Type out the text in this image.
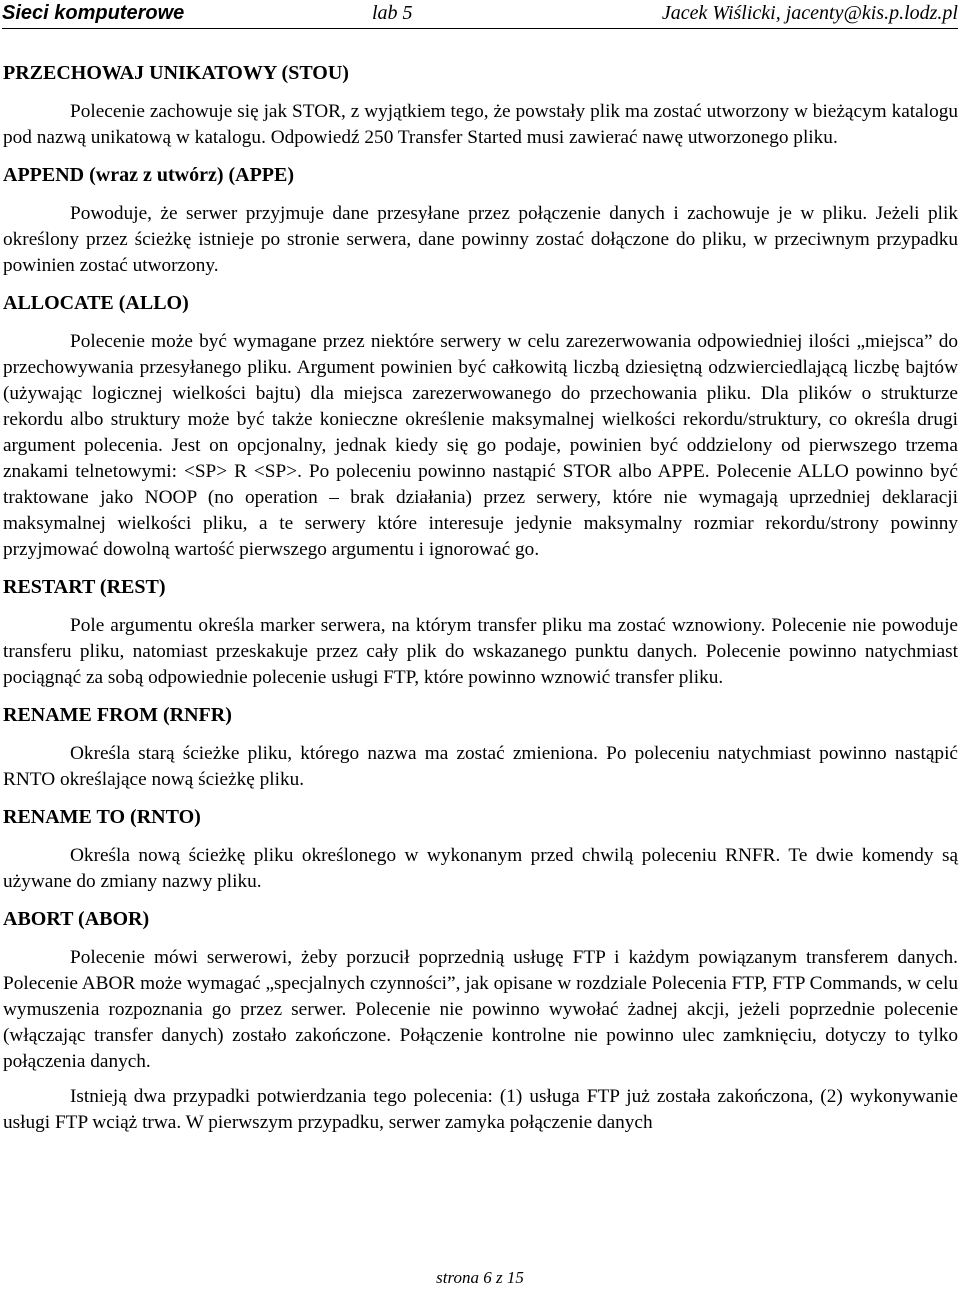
Sieci komputerowe	lab 5	Jacek Wiślicki, jacenty@kis.p.lodz.pl
PRZECHOWAJ UNIKATOWY (STOU)

Polecenie zachowuje się jak STOR, z wyjątkiem tego, że powstały plik ma zostać utworzony w bieżącym katalogu pod nazwą unikatową w katalogu. Odpowiedź 250 Transfer Started musi zawierać nawę utworzonego pliku.

APPEND (wraz z utwórz) (APPE)

Powoduje, że serwer przyjmuje dane przesyłane przez połączenie danych i zachowuje je w pliku. Jeżeli plik określony przez ścieżkę istnieje po stronie serwera, dane powinny zostać dołączone do pliku, w przeciwnym przypadku powinien zostać utworzony.

ALLOCATE (ALLO)

Polecenie może być wymagane przez niektóre serwery w celu zarezerwowania odpowiedniej ilości „miejsca” do przechowywania przesyłanego pliku. Argument powinien być całkowitą liczbą dziesiętną odzwierciedlającą liczbę bajtów (używając logicznej wielkości bajtu) dla miejsca zarezerwowanego do przechowania pliku. Dla plików o strukturze rekordu albo struktury może być także konieczne określenie maksymalnej wielkości rekordu/struktury, co określa drugi argument polecenia. Jest on opcjonalny, jednak kiedy się go podaje, powinien być oddzielony od pierwszego trzema znakami telnetowymi: <SP> R <SP>. Po poleceniu powinno nastąpić STOR albo APPE. Polecenie ALLO powinno być traktowane jako NOOP (no operation – brak działania) przez serwery, które nie wymagają uprzedniej deklaracji maksymalnej wielkości pliku, a te serwery które interesuje jedynie maksymalny rozmiar rekordu/strony powinny przyjmować dowolną wartość pierwszego argumentu i ignorować go.

RESTART (REST)

Pole argumentu określa marker serwera, na którym transfer pliku ma zostać wznowiony. Polecenie nie powoduje transferu pliku, natomiast przeskakuje przez cały plik do wskazanego punktu danych. Polecenie powinno natychmiast pociągnąć za sobą odpowiednie polecenie usługi FTP, które powinno wznowić transfer pliku.

RENAME FROM (RNFR)

Określa starą ścieżke pliku, którego nazwa ma zostać zmieniona. Po poleceniu natychmiast powinno nastąpić RNTO określające nową ścieżkę pliku.

RENAME TO (RNTO)

Określa nową ścieżkę pliku określonego w wykonanym przed chwilą poleceniu RNFR. Te dwie komendy są używane do zmiany nazwy pliku.

ABORT (ABOR)

Polecenie mówi serwerowi, żeby porzucił poprzednią usługę FTP i każdym powiązanym transferem danych. Polecenie ABOR może wymagać „specjalnych czynności”, jak opisane w rozdziale Polecenia FTP, FTP Commands, w celu wymuszenia rozpoznania go przez serwer. Polecenie nie powinno wywołać żadnej akcji, jeżeli poprzednie polecenie (włączając transfer danych) zostało zakończone. Połączenie kontrolne nie powinno ulec zamknięciu, dotyczy to tylko połączenia danych.

Istnieją dwa przypadki potwierdzania tego polecenia: (1) usługa FTP już została zakończona, (2) wykonywanie usługi FTP wciąż trwa. W pierwszym przypadku, serwer zamyka połączenie danych

strona 6 z 15
